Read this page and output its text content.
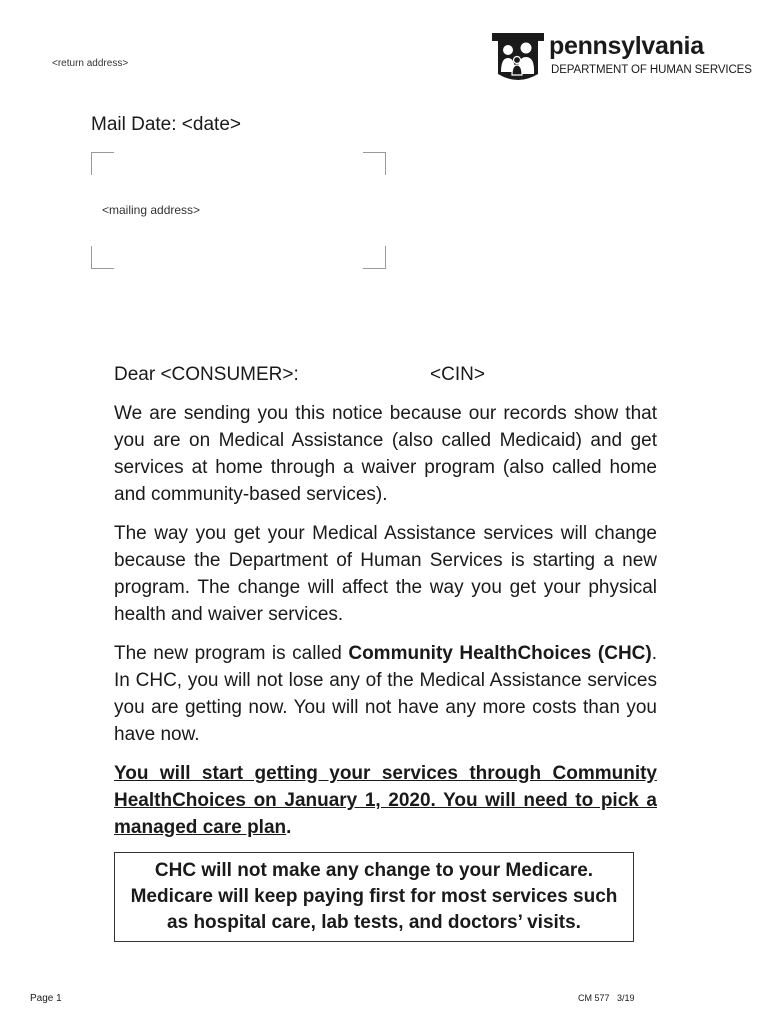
<return address>
pennsylvania
DEPARTMENT OF HUMAN SERVICES
Mail Date: <date>
<mailing address>
Dear <CONSUMER>:	<CIN>

We are sending you this notice because our records show that you are on Medical Assistance (also called Medicaid) and get services at home through a waiver program (also called home and community-based services).

The way you get your Medical Assistance services will change because the Department of Human Services is starting a new program. The change will affect the way you get your physical health and waiver services.

The new program is called Community HealthChoices (CHC). In CHC, you will not lose any of the Medical Assistance services you are getting now. You will not have any more costs than you have now.

You will start getting your services through Community HealthChoices on January 1, 2020. You will need to pick a managed care plan.

CHC will not make any change to your Medicare. Medicare will keep paying first for most services such as hospital care, lab tests, and doctors’ visits.
Page 1	CM 577   3/19
